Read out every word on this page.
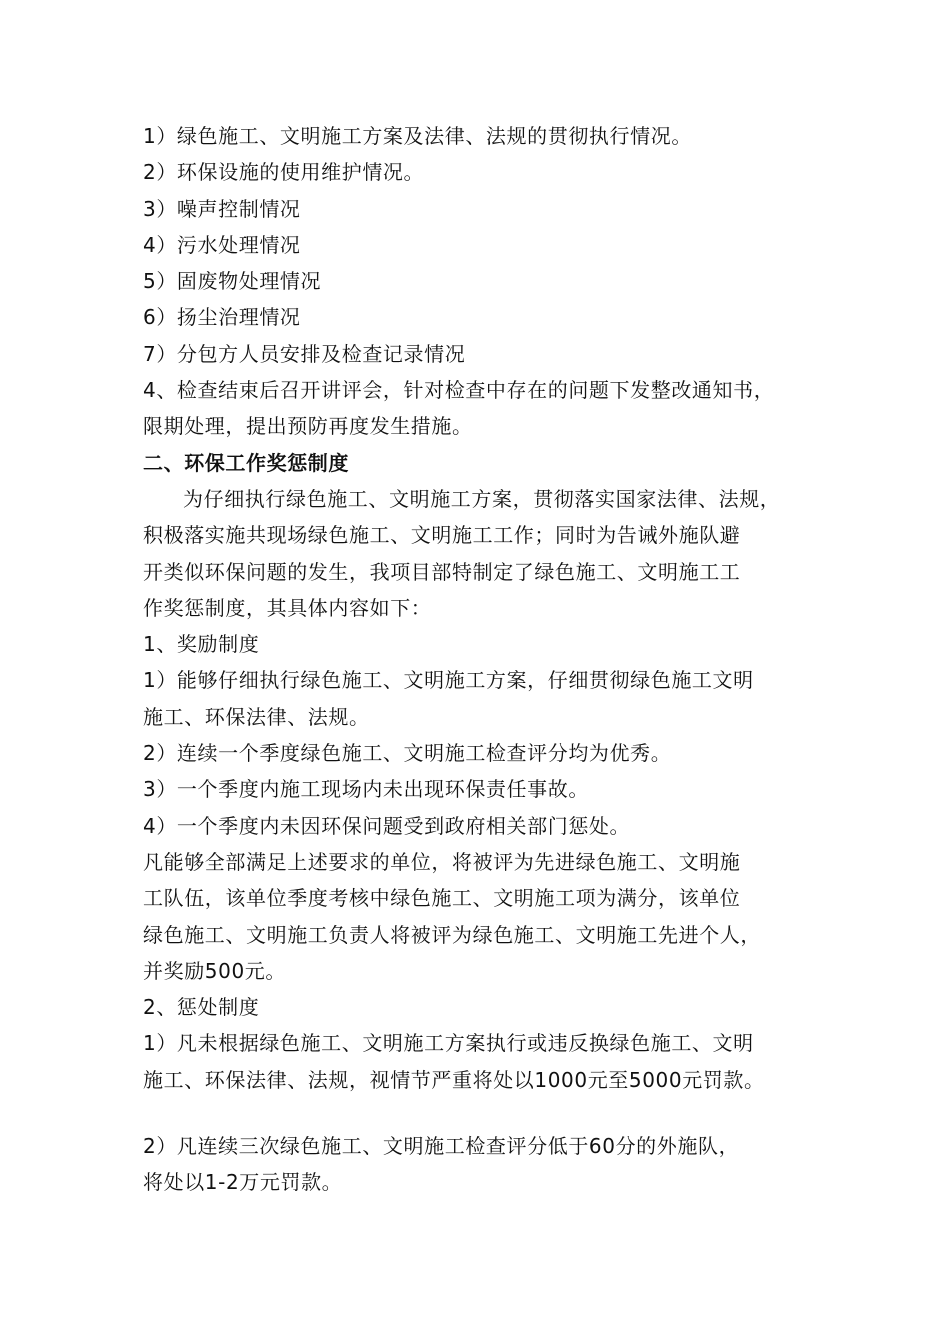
1）绿色施工、文明施工方案及法律、法规的贯彻执行情况。
2）环保设施的使用维护情况。
3）噪声控制情况
4）污水处理情况
5）固废物处理情况
6）扬尘治理情况
7）分包方人员安排及检查记录情况
4、检查结束后召开讲评会，针对检查中存在的问题下发整改通知书，
限期处理，提出预防再度发生措施。
二、环保工作奖惩制度
为仔细执行绿色施工、文明施工方案，贯彻落实国家法律、法规，
积极落实施共现场绿色施工、文明施工工作；同时为告诫外施队避
开类似环保问题的发生，我项目部特制定了绿色施工、文明施工工
作奖惩制度，其具体内容如下：
1、奖励制度
1）能够仔细执行绿色施工、文明施工方案，仔细贯彻绿色施工文明
施工、环保法律、法规。
2）连续一个季度绿色施工、文明施工检查评分均为优秀。
3）一个季度内施工现场内未出现环保责任事故。
4）一个季度内未因环保问题受到政府相关部门惩处。
凡能够全部满足上述要求的单位，将被评为先进绿色施工、文明施
工队伍，该单位季度考核中绿色施工、文明施工项为满分，该单位
绿色施工、文明施工负责人将被评为绿色施工、文明施工先进个人，
并奖励500元。
2、惩处制度
1）凡未根据绿色施工、文明施工方案执行或违反换绿色施工、文明
施工、环保法律、法规，视情节严重将处以1000元至5000元罚款。
2）凡连续三次绿色施工、文明施工检查评分低于60分的外施队，
将处以1-2万元罚款。
